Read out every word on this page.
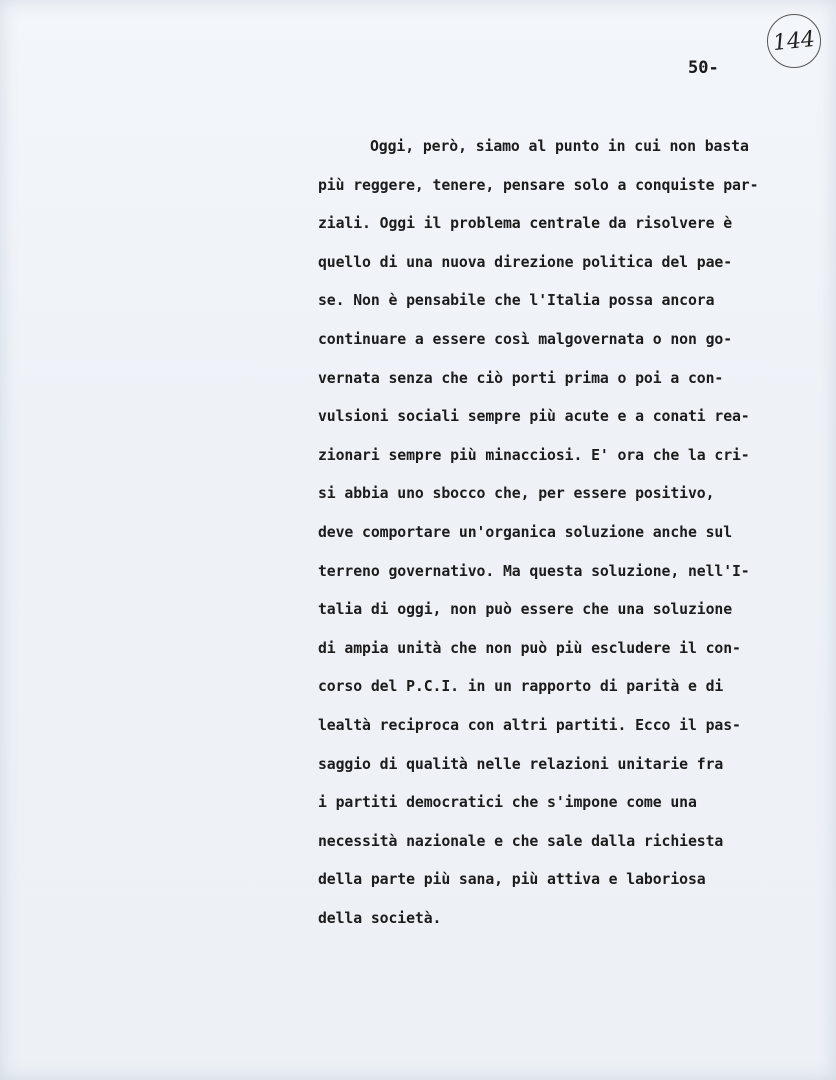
144
50-
Oggi, però, siamo al punto in cui non basta
più reggere, tenere, pensare solo a conquiste par-
ziali. Oggi il problema centrale da risolvere è
quello di una nuova direzione politica del pae-
se. Non è pensabile che l'Italia possa ancora
continuare a essere così malgovernata o non go-
vernata senza che ciò porti prima o poi a con-
vulsioni sociali sempre più acute e a conati rea-
zionari sempre più minacciosi. E' ora che la cri-
si abbia uno sbocco che, per essere positivo,
deve comportare un'organica soluzione anche sul
terreno governativo. Ma questa soluzione, nell'I-
talia di oggi, non può essere che una soluzione
di ampia unità che non può più escludere il con-
corso del P.C.I. in un rapporto di parità e di
lealtà reciproca con altri partiti. Ecco il pas-
saggio di qualità nelle relazioni unitarie fra
i partiti democratici che s'impone come una
necessità nazionale e che sale dalla richiesta
della parte più sana, più attiva e laboriosa
della società.
